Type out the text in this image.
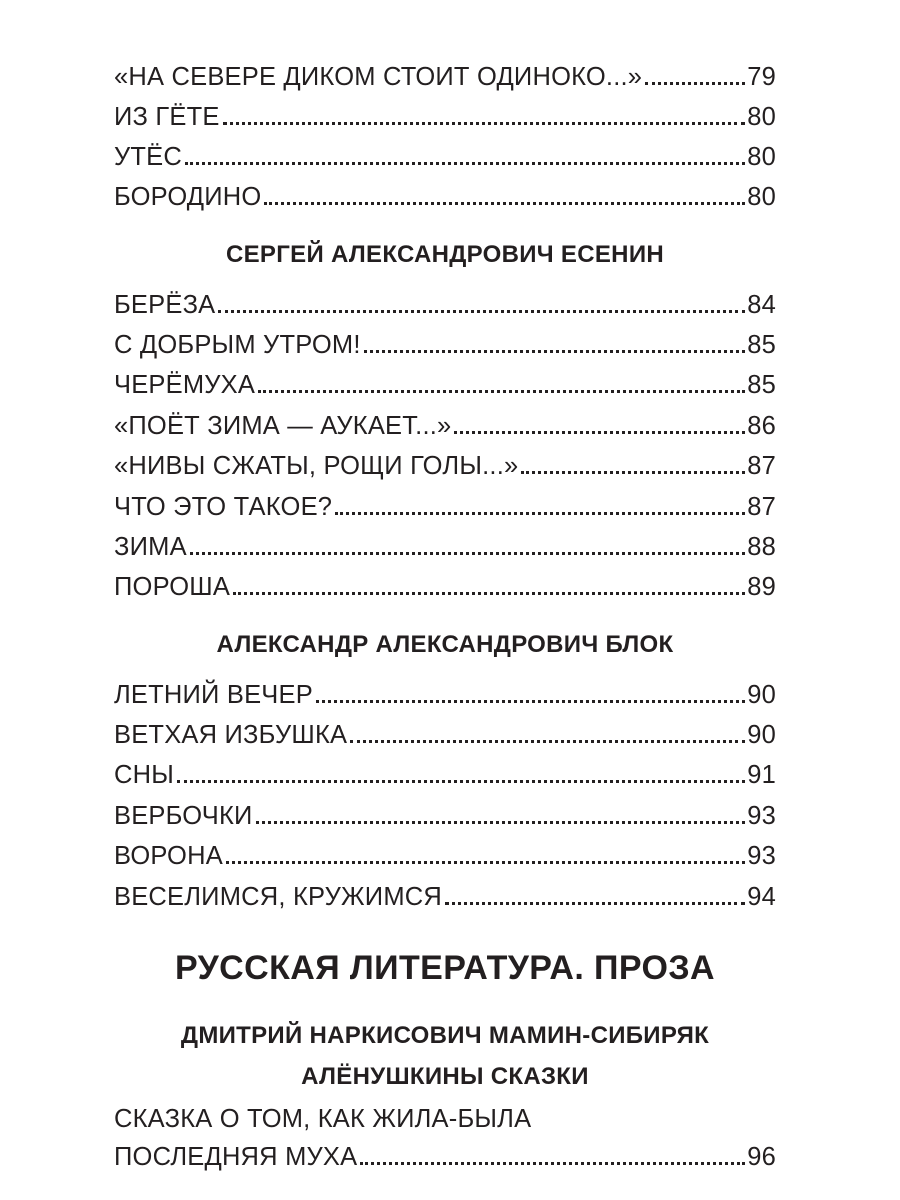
«НА СЕВЕРЕ ДИКОМ СТОИТ ОДИНОКО...»	79
ИЗ ГЁТЕ	80
УТЁС	80
БОРОДИНО	80
СЕРГЕЙ АЛЕКСАНДРОВИЧ ЕСЕНИН
БЕРЁЗА	84
С ДОБРЫМ УТРОМ!	85
ЧЕРЁМУХА	85
«ПОЁТ ЗИМА — АУКАЕТ...»	86
«НИВЫ СЖАТЫ, РОЩИ ГОЛЫ...»	87
ЧТО ЭТО ТАКОЕ?	87
ЗИМА	88
ПОРОША	89
АЛЕКСАНДР АЛЕКСАНДРОВИЧ БЛОК
ЛЕТНИЙ ВЕЧЕР	90
ВЕТХАЯ ИЗБУШКА	90
СНЫ	91
ВЕРБОЧКИ	93
ВОРОНА	93
ВЕСЕЛИМСЯ, КРУЖИМСЯ	94
РУССКАЯ ЛИТЕРАТУРА. ПРОЗА
ДМИТРИЙ НАРКИСОВИЧ МАМИН-СИБИРЯК
АЛЁНУШКИНЫ СКАЗКИ
СКАЗКА О ТОМ, КАК ЖИЛА-БЫЛА
ПОСЛЕДНЯЯ МУХА	96
